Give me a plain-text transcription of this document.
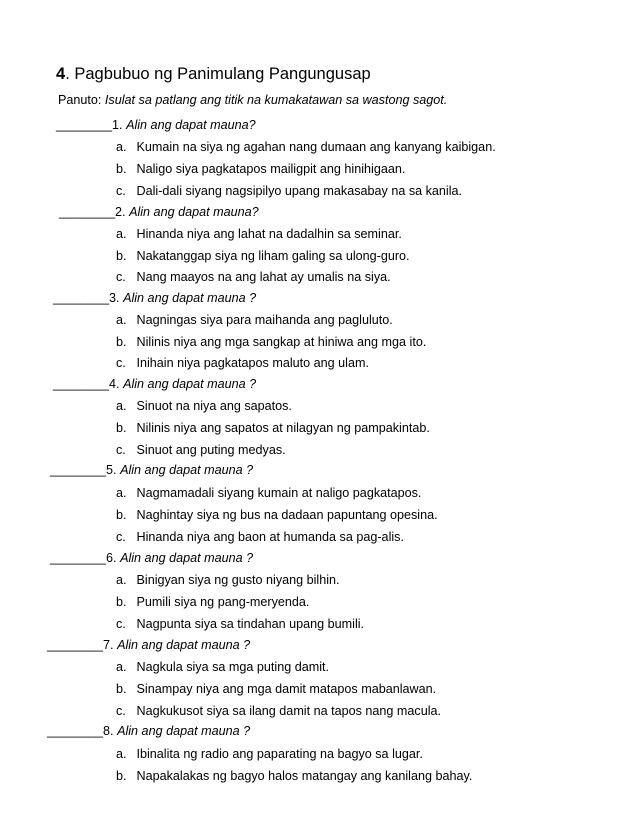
4. Pagbubuo ng Panimulang Pangungusap
Panuto: Isulat sa patlang ang titik na kumakatawan sa wastong sagot.
________1. Alin ang dapat mauna?
a. Kumain na siya ng agahan nang dumaan ang kanyang kaibigan.
b. Naligo siya pagkatapos mailigpit ang hinihigaan.
c. Dali-dali siyang nagsipilyo upang makasabay na sa kanila.
________2. Alin ang dapat mauna?
a. Hinanda niya ang lahat na dadalhin sa seminar.
b. Nakatanggap siya ng liham galing sa ulong-guro.
c. Nang maayos na ang lahat ay umalis na siya.
________3. Alin ang dapat mauna ?
a. Nagningas siya para maihanda ang pagluluto.
b. Nilinis niya ang mga sangkap at hiniwa ang mga ito.
c. Inihain niya pagkatapos maluto ang ulam.
________4. Alin ang dapat mauna ?
a. Sinuot na niya ang sapatos.
b. Nilinis niya ang sapatos at nilagyan ng pampakintab.
c. Sinuot ang puting medyas.
________5. Alin ang dapat mauna ?
a. Nagmamadali siyang kumain at naligo pagkatapos.
b. Naghintay siya ng bus na dadaan papuntang opesina.
c. Hinanda niya ang baon at humanda sa pag-alis.
________6. Alin ang dapat mauna ?
a. Binigyan siya ng gusto niyang bilhin.
b. Pumili siya ng pang-meryenda.
c. Nagpunta siya sa tindahan upang bumili.
________7. Alin ang dapat mauna ?
a. Nagkula siya sa mga puting damit.
b. Sinampay niya ang mga damit matapos mabanlawan.
c. Nagkukusot siya sa ilang damit na tapos nang macula.
________8. Alin ang dapat mauna ?
a. Ibinalita ng radio ang paparating na bagyo sa lugar.
b. Napakalakas ng bagyo halos matangay ang kanilang bahay.
